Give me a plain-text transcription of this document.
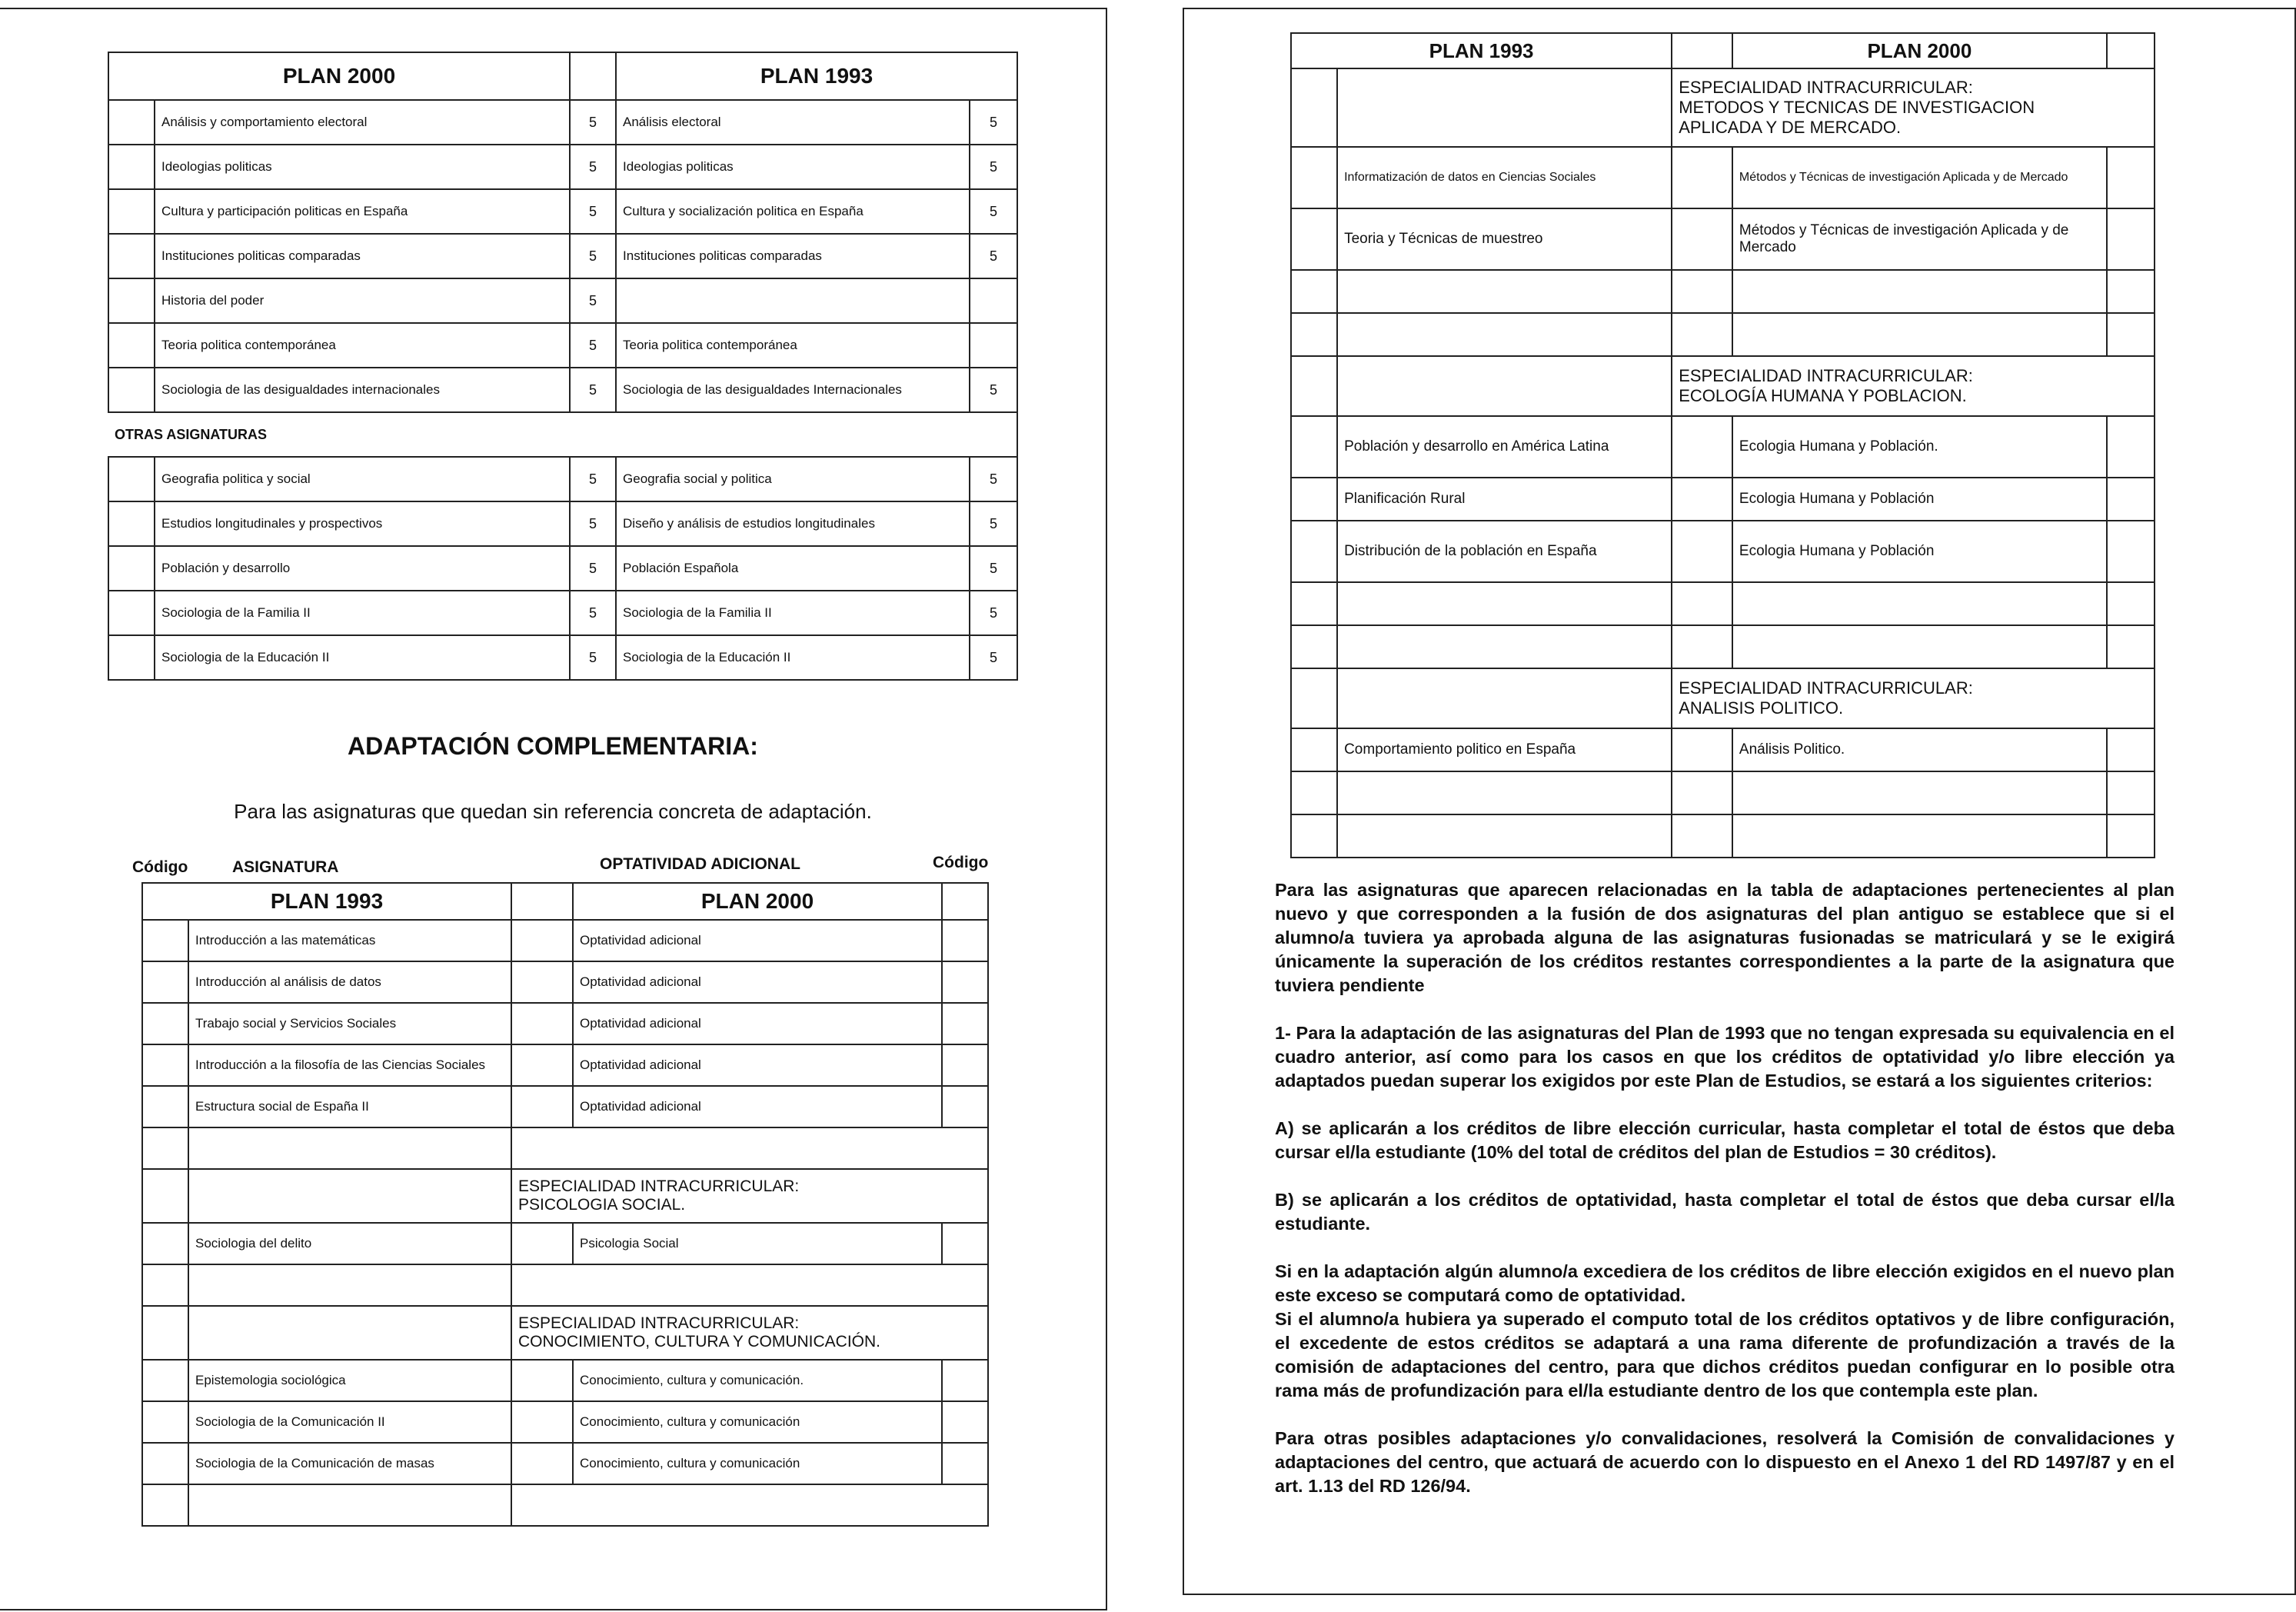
PLAN 2000			PLAN 1993	
	Análisis y comportamiento electoral	5	Análisis electoral	5
	Ideologias politicas	5	Ideologias politicas	5
	Cultura y participación politicas en España	5	Cultura y socialización politica en España	5
	Instituciones politicas comparadas	5	Instituciones politicas comparadas	5
	Historia del poder	5		
	Teoria politica contemporánea	5	Teoria politica contemporánea	
	Sociologia de las desigualdades internacionales	5	Sociologia de las desigualdades Internacionales	5
OTRAS ASIGNATURAS				
	Geografia politica y social	5	Geografia social y politica	5
	Estudios longitudinales y prospectivos	5	Diseño y análisis de estudios longitudinales	5
	Población y desarrollo	5	Población Española	5
	Sociologia de la Familia II	5	Sociologia de la Familia II	5
	Sociologia de la Educación II	5	Sociologia de la Educación II	5
ADAPTACIÓN COMPLEMENTARIA:
Para las asignaturas que quedan sin referencia concreta de adaptación.
Código	ASIGNATURA	OPTATIVIDAD ADICIONAL	Código
PLAN 1993			PLAN 2000	
	Introducción a las matemáticas		Optatividad adicional	
	Introducción al análisis de datos		Optatividad adicional	
	Trabajo social y Servicios Sociales		Optatividad adicional	
	Introducción a la filosofía de las Ciencias Sociales		Optatividad adicional	
	Estructura social de España II		Optatividad adicional	

		ESPECIALIDAD INTRACURRICULAR:
PSICOLOGIA SOCIAL.		

	Sociologia del delito		Psicologia Social	

		ESPECIALIDAD INTRACURRICULAR:
CONOCIMIENTO, CULTURA Y COMUNICACIÓN.		

	Epistemologia sociológica		Conocimiento, cultura y comunicación.	
	Sociologia de la Comunicación II		Conocimiento, cultura y comunicación	
	Sociologia de la Comunicación de masas		Conocimiento, cultura y comunicación	

PLAN 1993			PLAN 2000	

		ESPECIALIDAD INTRACURRICULAR:
METODOS Y TECNICAS DE INVESTIGACION
APLICADA Y DE MERCADO.		

	Informatización de datos en Ciencias Sociales		Métodos y Técnicas de investigación Aplicada y de Mercado	
	Teoria y Técnicas de muestreo		Métodos y Técnicas de investigación Aplicada y de Mercado	

		ESPECIALIDAD INTRACURRICULAR:
ECOLOGÍA HUMANA Y POBLACION.		

	Población y desarrollo en América Latina		Ecologia Humana y Población.	
	Planificación Rural		Ecologia Humana y Población	
	Distribución de la población en España		Ecologia Humana y Población	

		ESPECIALIDAD INTRACURRICULAR:
ANALISIS POLITICO.		

	Comportamiento politico en España		Análisis Politico.	

Para las asignaturas que aparecen relacionadas en la tabla de adaptaciones pertenecientes al plan nuevo y que corresponden a la fusión de dos asignaturas del plan antiguo se establece que si el alumno/a tuviera ya aprobada alguna de las asignaturas fusionadas se matriculará y se le exigirá únicamente la superación de los créditos restantes correspondientes a la parte de la asignatura que tuviera pendiente

1- Para la adaptación de las asignaturas del Plan de 1993 que no tengan expresada su equivalencia en el cuadro anterior, así como para los casos en que los créditos de optatividad y/o libre elección ya adaptados puedan superar los exigidos por este Plan de Estudios, se estará a los siguientes criterios:

A) se aplicarán a los créditos de libre elección curricular, hasta completar el total de éstos que deba cursar el/la estudiante (10% del total de créditos del plan de Estudios = 30 créditos).

B) se aplicarán a los créditos de optatividad, hasta completar el total de éstos que deba cursar el/la estudiante.

Si en la adaptación algún alumno/a excediera de los créditos de libre elección exigidos en el nuevo plan este exceso se computará como de optatividad.

Si el alumno/a hubiera ya superado el computo total de los créditos optativos y de libre configuración, el excedente de estos créditos se adaptará a una rama diferente de profundización a través de la comisión de adaptaciones del centro, para que dichos créditos puedan configurar en lo posible otra rama más de profundización para el/la estudiante dentro de los que contempla este plan.

Para otras posibles adaptaciones y/o convalidaciones, resolverá la Comisión de convalidaciones y adaptaciones del centro, que actuará de acuerdo con lo dispuesto en el Anexo 1 del RD 1497/87 y en el art. 1.13 del RD 126/94.
